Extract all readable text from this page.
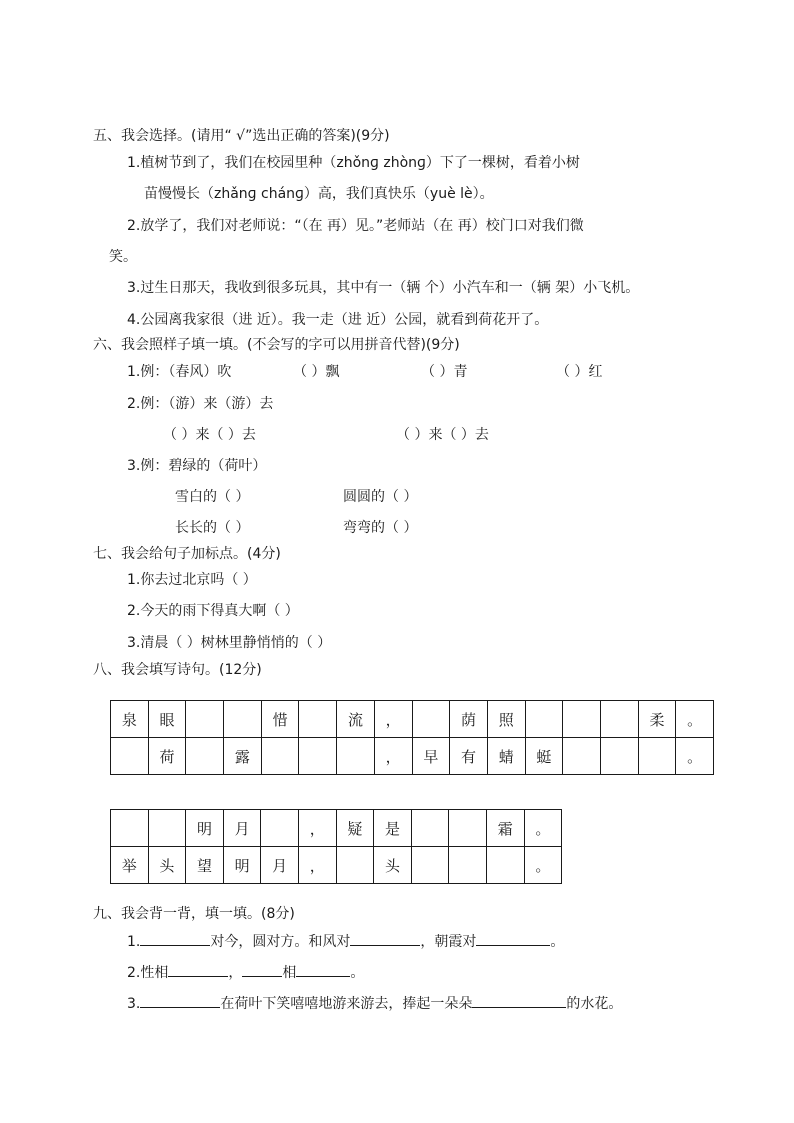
五、我会选择。(请用“ √”选出正确的答案)(9分)
1.植树节到了，我们在校园里种（zhǒnɡ zhònɡ）下了一棵树，看着小树
苗慢慢长（zhǎnɡ chánɡ）高，我们真快乐（yuè lè）。
2.放学了，我们对老师说：“（在 再）见。”老师站（在 再）校门口对我们微
笑。
3.过生日那天，我收到很多玩具，其中有一（辆 个）小汽车和一（辆 架）小飞机。
4.公园离我家很（进 近）。我一走（进 近）公园，就看到荷花开了。
六、我会照样子填一填。(不会写的字可以用拼音代替)(9分)
1.例：（春风）吹	（ ）飘	（ ）青	（ ）红
2.例：（游）来（游）去
（ ）来（ ）去	（ ）来（ ）去
3.例：碧绿的（荷叶）
雪白的（ ）	圆圆的（ ）
长长的（ ）	弯弯的（ ）
七、我会给句子加标点。(4分)
1.你去过北京吗（ ）
2.今天的雨下得真大啊（ ）
3.清晨（ ）树林里静悄悄的（ ）
八、我会填写诗句。(12分)
泉	眼			惜		流	，		荫	照				柔	。
	荷		露				，	早	有	蜻	蜓				。
		明	月		，	疑	是			霜	。
举	头	望	明	月	，		头				。
九、我会背一背，填一填。(8分)
1.	对今，圆对方。和风对	，朝霞对	。
2.性相	，	相	。
3.	在荷叶下笑嘻嘻地游来游去，捧起一朵朵	的水花。
